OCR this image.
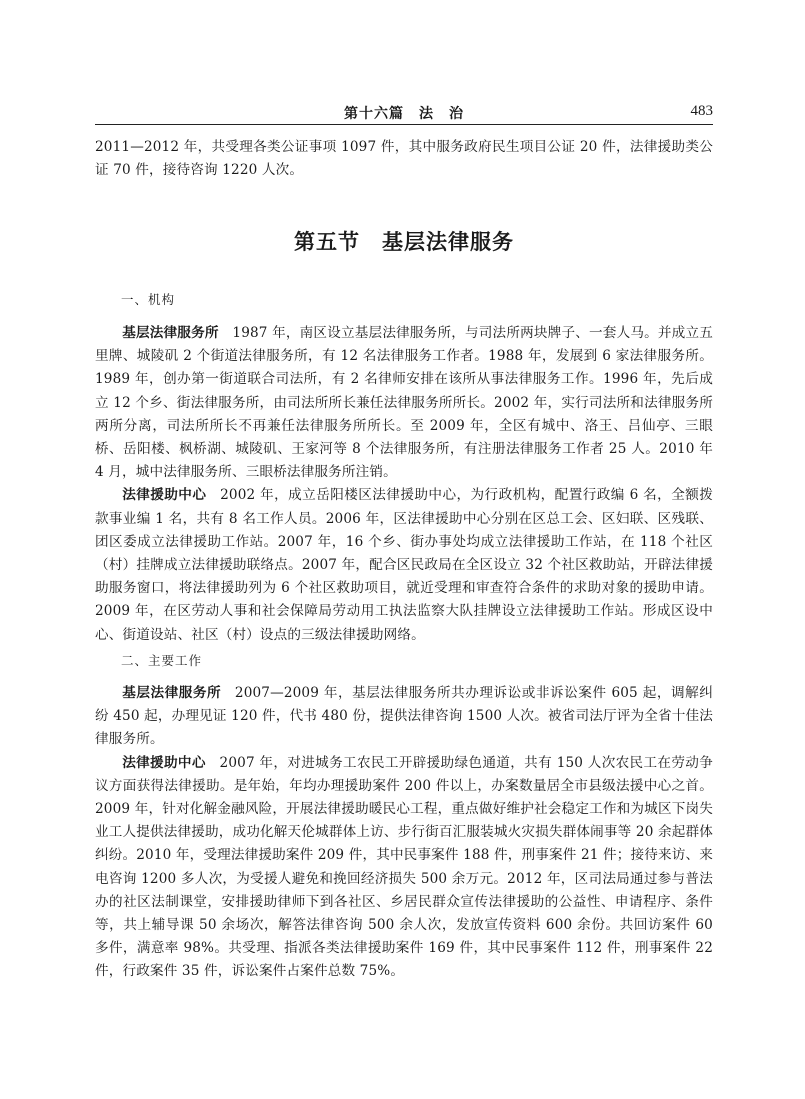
第十六篇　法　治	483

2011—2012 年，共受理各类公证事项 1097 件，其中服务政府民生项目公证 20 件，法律援助类公证 70 件，接待咨询 1220 人次。

第五节 基层法律服务
一、机构

基层法律服务所  1987 年，南区设立基层法律服务所，与司法所两块牌子、一套人马。并成立五里牌、城陵矶 2 个街道法律服务所，有 12 名法律服务工作者。1988 年，发展到 6 家法律服务所。1989 年，创办第一街道联合司法所，有 2 名律师安排在该所从事法律服务工作。1996 年，先后成立 12 个乡、街法律服务所，由司法所所长兼任法律服务所所长。2002 年，实行司法所和法律服务所两所分离，司法所所长不再兼任法律服务所所长。至 2009 年，全区有城中、洛王、吕仙亭、三眼桥、岳阳楼、枫桥湖、城陵矶、王家河等 8 个法律服务所，有注册法律服务工作者 25 人。2010 年 4 月，城中法律服务所、三眼桥法律服务所注销。

法律援助中心  2002 年，成立岳阳楼区法律援助中心，为行政机构，配置行政编 6 名，全额拨款事业编 1 名，共有 8 名工作人员。2006 年，区法律援助中心分别在区总工会、区妇联、区残联、团区委成立法律援助工作站。2007 年，16 个乡、街办事处均成立法律援助工作站，在 118 个社区（村）挂牌成立法律援助联络点。2007 年，配合区民政局在全区设立 32 个社区救助站，开辟法律援助服务窗口，将法律援助列为 6 个社区救助项目，就近受理和审查符合条件的求助对象的援助申请。2009 年，在区劳动人事和社会保障局劳动用工执法监察大队挂牌设立法律援助工作站。形成区设中心、街道设站、社区（村）设点的三级法律援助网络。

二、主要工作

基层法律服务所  2007—2009 年，基层法律服务所共办理诉讼或非诉讼案件 605 起，调解纠纷 450 起，办理见证 120 件，代书 480 份，提供法律咨询 1500 人次。被省司法厅评为全省十佳法律服务所。

法律援助中心  2007 年，对进城务工农民工开辟援助绿色通道，共有 150 人次农民工在劳动争议方面获得法律援助。是年始，年均办理援助案件 200 件以上，办案数量居全市县级法援中心之首。2009 年，针对化解金融风险，开展法律援助暖民心工程，重点做好维护社会稳定工作和为城区下岗失业工人提供法律援助，成功化解天伦城群体上访、步行街百汇服装城火灾损失群体闹事等 20 余起群体纠纷。2010 年，受理法律援助案件 209 件，其中民事案件 188 件，刑事案件 21 件；接待来访、来电咨询 1200 多人次，为受援人避免和挽回经济损失 500 余万元。2012 年，区司法局通过参与普法办的社区法制课堂，安排援助律师下到各社区、乡居民群众宣传法律援助的公益性、申请程序、条件等，共上辅导课 50 余场次，解答法律咨询 500 余人次，发放宣传资料 600 余份。共回访案件 60 多件，满意率 98%。共受理、指派各类法律援助案件 169 件，其中民事案件 112 件，刑事案件 22 件，行政案件 35 件，诉讼案件占案件总数 75%。
